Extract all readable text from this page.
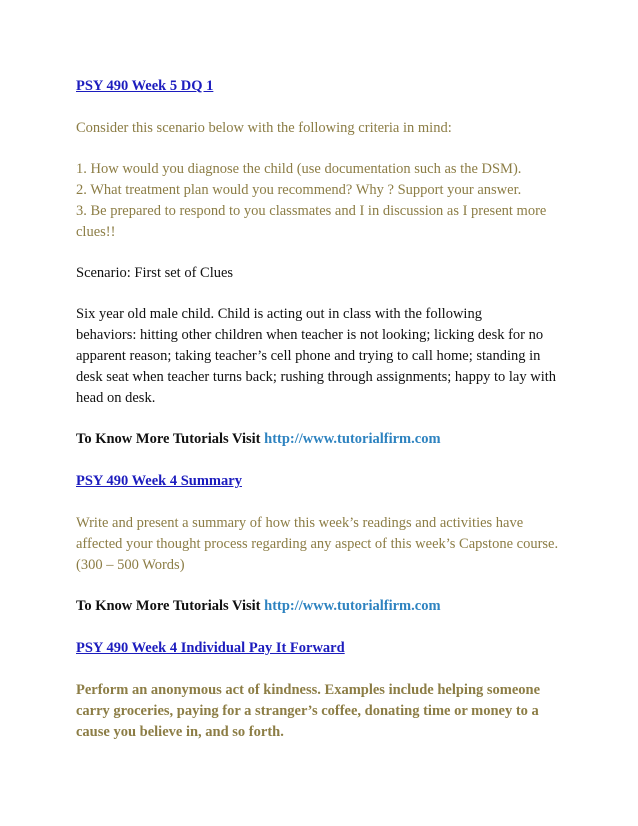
PSY 490 Week 5 DQ 1
Consider this scenario below with the following criteria in mind:
1. How would you diagnose the child (use documentation such as the DSM).
2. What treatment plan would you recommend? Why ? Support your answer.
3. Be prepared to respond to you classmates and I in discussion as I present more
clues!!
Scenario: First set of Clues
Six year old male child. Child is acting out in class with the following
behaviors: hitting other children when teacher is not looking; licking desk for no
apparent reason; taking teacher’s cell phone and trying to call home; standing in
desk seat when teacher turns back; rushing through assignments; happy to lay with
head on desk.
To Know More Tutorials Visit http://www.tutorialfirm.com
PSY 490 Week 4 Summary
Write and present a summary of how this week’s readings and activities have
affected your thought process regarding any aspect of this week’s Capstone course.
(300 – 500 Words)
To Know More Tutorials Visit http://www.tutorialfirm.com
PSY 490 Week 4 Individual Pay It Forward
Perform an anonymous act of kindness. Examples include helping someone
carry groceries, paying for a stranger’s coffee, donating time or money to a
cause you believe in, and so forth.
